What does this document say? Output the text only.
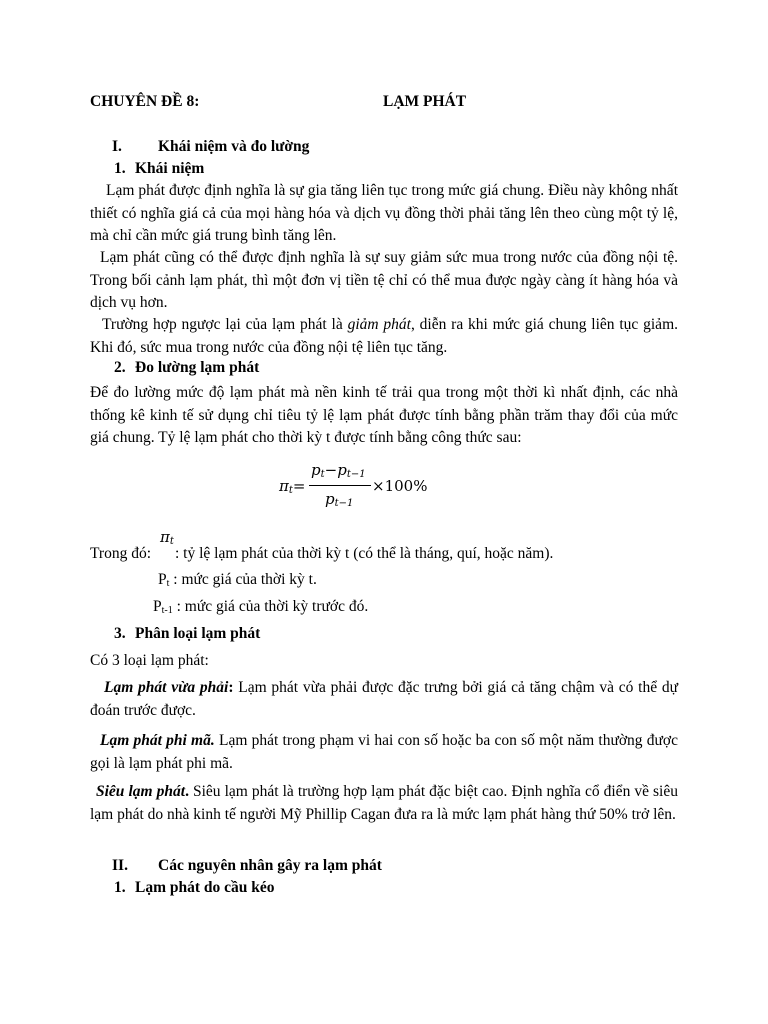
CHUYÊN ĐỀ 8:	LẠM PHÁT
I. Khái niệm và đo lường
1. Khái niệm
Lạm phát được định nghĩa là sự gia tăng liên tục trong mức giá chung. Điều này không nhất thiết có nghĩa giá cả của mọi hàng hóa và dịch vụ đồng thời phải tăng lên theo cùng một tỷ lệ, mà chỉ cần mức giá trung bình tăng lên.
Lạm phát cũng có thể được định nghĩa là sự suy giảm sức mua trong nước của đồng nội tệ. Trong bối cảnh lạm phát, thì một đơn vị tiền tệ chỉ có thể mua được ngày càng ít hàng hóa và dịch vụ hơn.
Trường hợp ngược lại của lạm phát là giảm phát, diễn ra khi mức giá chung liên tục giảm. Khi đó, sức mua trong nước của đồng nội tệ liên tục tăng.
2. Đo lường lạm phát
Để đo lường mức độ lạm phát mà nền kinh tế trải qua trong một thời kì nhất định, các nhà thống kê kinh tế sử dụng chỉ tiêu tỷ lệ lạm phát được tính bằng phần trăm thay đổi của mức giá chung. Tỷ lệ lạm phát cho thời kỳ t được tính bằng công thức sau:
$\pi_t=$
$p_t-p_{t-1}$
$p_{t-1}$
×100%
Trong đó:
$\pi_t$
: tỷ lệ lạm phát của thời kỳ t (có thể là tháng, quí, hoặc năm).
$P_t$ : mức giá của thời kỳ t.
$P_{t-1}$ : mức giá của thời kỳ trước đó.
3. Phân loại lạm phát
Có 3 loại lạm phát:
Lạm phát vừa phải: Lạm phát vừa phải được đặc trưng bởi giá cả tăng chậm và có thể dự đoán trước được.
Lạm phát phi mã. Lạm phát trong phạm vi hai con số hoặc ba con số một năm thường được gọi là lạm phát phi mã.
Siêu lạm phát. Siêu lạm phát là trường hợp lạm phát đặc biệt cao. Định nghĩa cổ điển về siêu lạm phát do nhà kinh tế người Mỹ Phillip Cagan đưa ra là mức lạm phát hàng thứ 50% trở lên.
II. Các nguyên nhân gây ra lạm phát
1. Lạm phát do cầu kéo
